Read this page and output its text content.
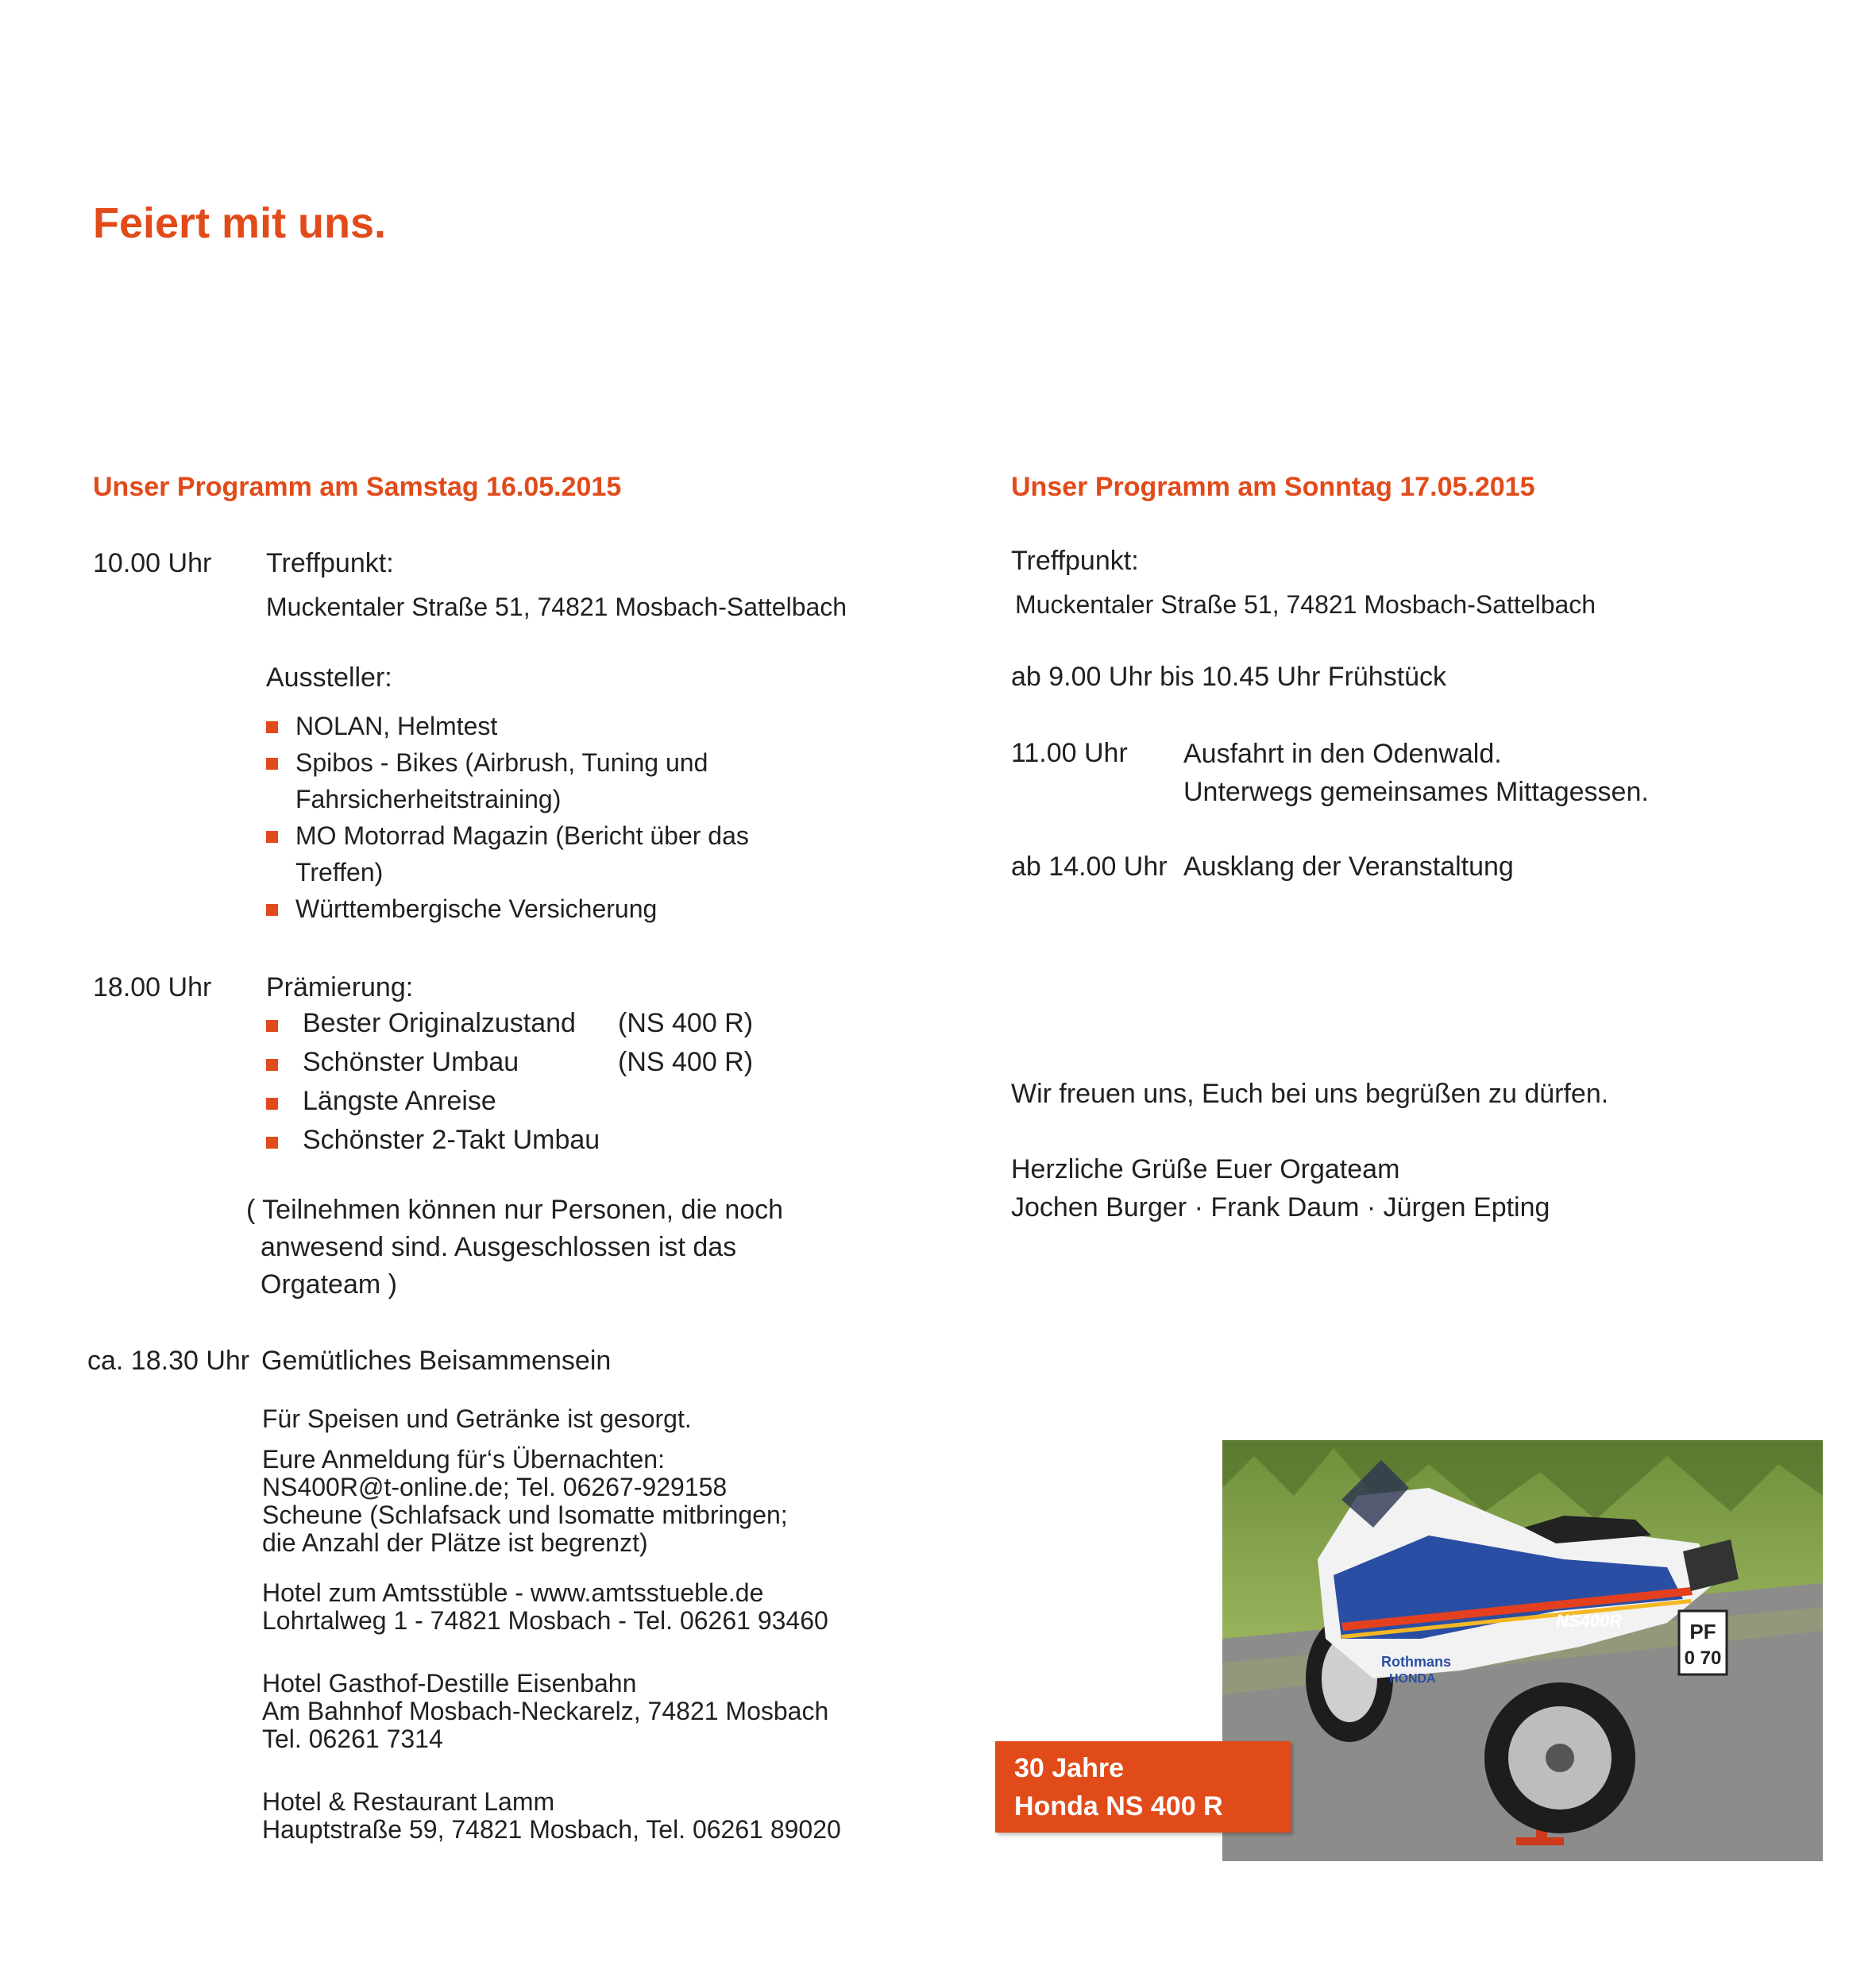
Feiert mit uns.
Unser Programm am Samstag 16.05.2015
10.00 Uhr Treffpunkt:
Muckentaler Straße 51, 74821 Mosbach-Sattelbach
Aussteller:
NOLAN, Helmtest
Spibos - Bikes (Airbrush, Tuning und
Fahrsicherheitstraining)
MO Motorrad Magazin (Bericht über das
Treffen)
Württembergische Versicherung
18.00 Uhr Prämierung:
Bester Originalzustand (NS 400 R)
Schönster Umbau	(NS 400 R)
Längste Anreise
Schönster 2-Takt Umbau
( Teilnehmen können nur Personen, die noch
anwesend sind. Ausgeschlossen ist das
Orgateam )
ca. 18.30 Uhr Gemütliches Beisammensein
Für Speisen und Getränke ist gesorgt.
Eure Anmeldung für‘s Übernachten:
NS400R@t-online.de; Tel. 06267-929158
Scheune (Schlafsack und Isomatte mitbringen;
die Anzahl der Plätze ist begrenzt)
Hotel zum Amtsstüble - www.amtsstueble.de
Lohrtalweg 1 - 74821 Mosbach - Tel. 06261 93460
Hotel Gasthof-Destille Eisenbahn
Am Bahnhof Mosbach-Neckarelz, 74821 Mosbach
Tel. 06261 7314
Hotel & Restaurant Lamm
Hauptstraße 59, 74821 Mosbach, Tel. 06261 89020
Unser Programm am Sonntag 17.05.2015
Treffpunkt:
Muckentaler Straße 51, 74821 Mosbach-Sattelbach
ab 9.00 Uhr bis 10.45 Uhr Frühstück
11.00 Uhr Ausfahrt in den Odenwald.
Unterwegs gemeinsames Mittagessen.
ab 14.00 Uhr Ausklang der Veranstaltung
Wir freuen uns, Euch bei uns begrüßen zu dürfen.
Herzliche Grüße Euer Orgateam
Jochen Burger · Frank Daum · Jürgen Epting
PF
0 70
NS400R
Rothmans
HONDA
30 Jahre
Honda NS 400 R
